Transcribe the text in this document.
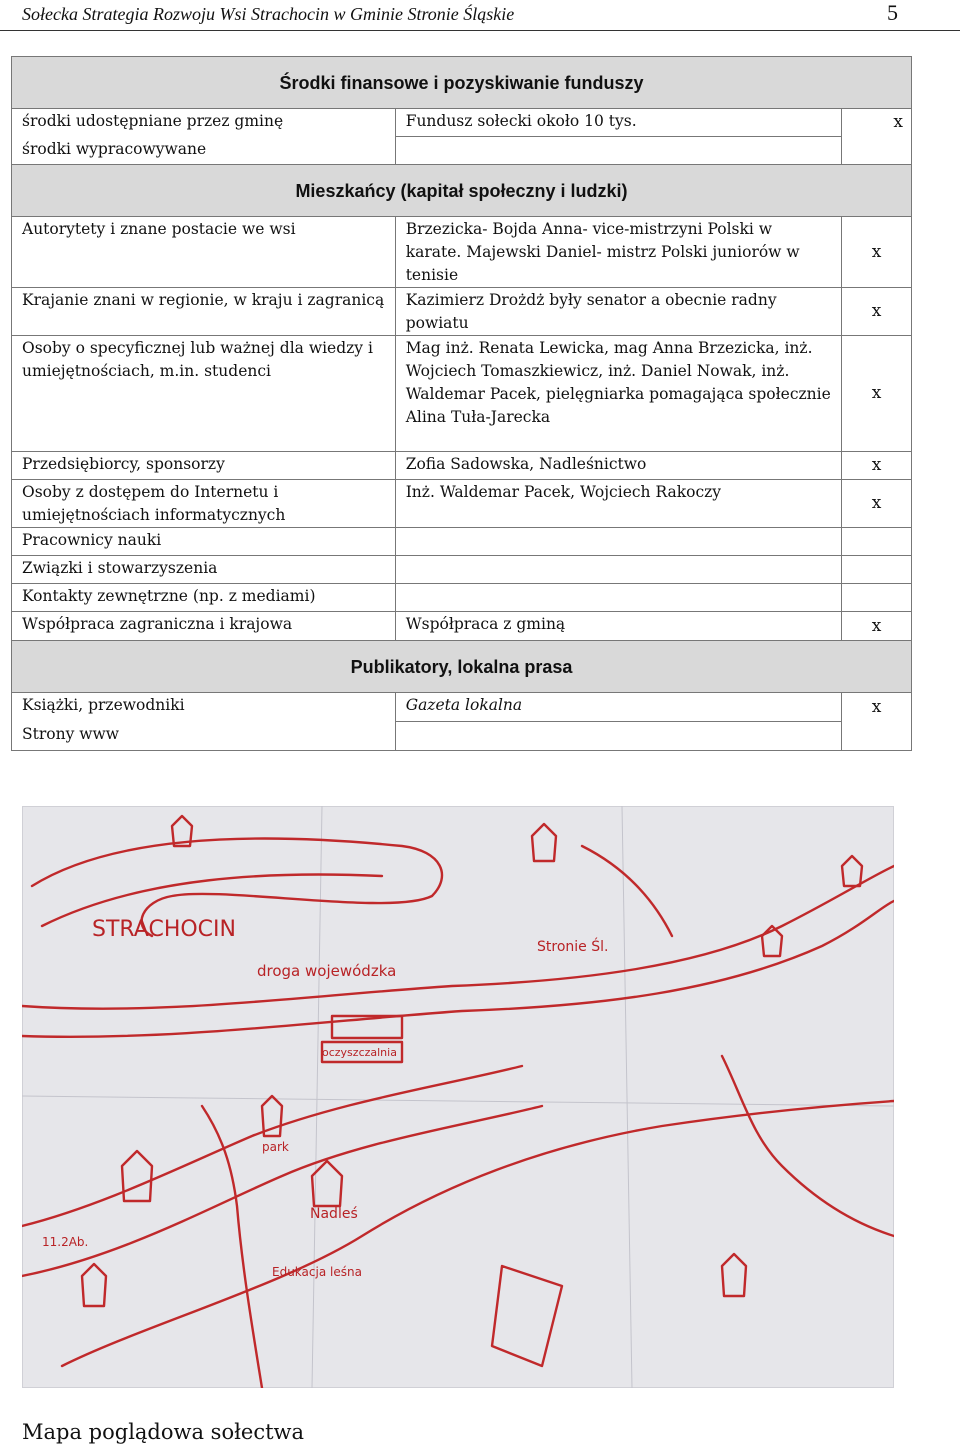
Sołecka Strategia Rozwoju Wsi Strachocin w Gminie Stronie Śląskie	5
Środki finansowe i pozyskiwanie funduszy		
środki udostępniane przez gminę	Fundusz sołecki około 10 tys.	x
środki wypracowywane		
Mieszkańcy (kapitał społeczny i ludzki)		
Autorytety i znane postacie we wsi	Brzezicka- Bojda Anna- vice-mistrzyni Polski w karate. Majewski Daniel- mistrz Polski juniorów w tenisie	x
Krajanie znani w regionie, w kraju i zagranicą	Kazimierz Drożdż były senator a obecnie radny powiatu	x
Osoby o specyficznej lub ważnej dla wiedzy i umiejętnościach, m.in. studenci	Mag inż. Renata Lewicka, mag Anna Brzezicka, inż. Wojciech Tomaszkiewicz, inż. Daniel Nowak, inż. Waldemar Pacek, pielęgniarka pomagająca społecznie Alina Tuła-Jarecka	x
Przedsiębiorcy, sponsorzy	Zofia Sadowska, Nadleśnictwo	x
Osoby z dostępem do Internetu i umiejętnościach informatycznych	Inż. Waldemar Pacek, Wojciech Rakoczy	x
Pracownicy nauki		
Związki i stowarzyszenia		
Kontakty zewnętrzne (np. z mediami)		
Współpraca zagraniczna i krajowa	Współpraca z gminą	x
Publikatory, lokalna prasa		
Książki, przewodniki	Gazeta lokalna	x
Strony www		
STRACHOCIN
droga wojewódzka
oczyszczalnia
Nadleś
Edukacja leśna
Stronie Śl.
park
11.2Ab.
Mapa poglądowa sołectwa
